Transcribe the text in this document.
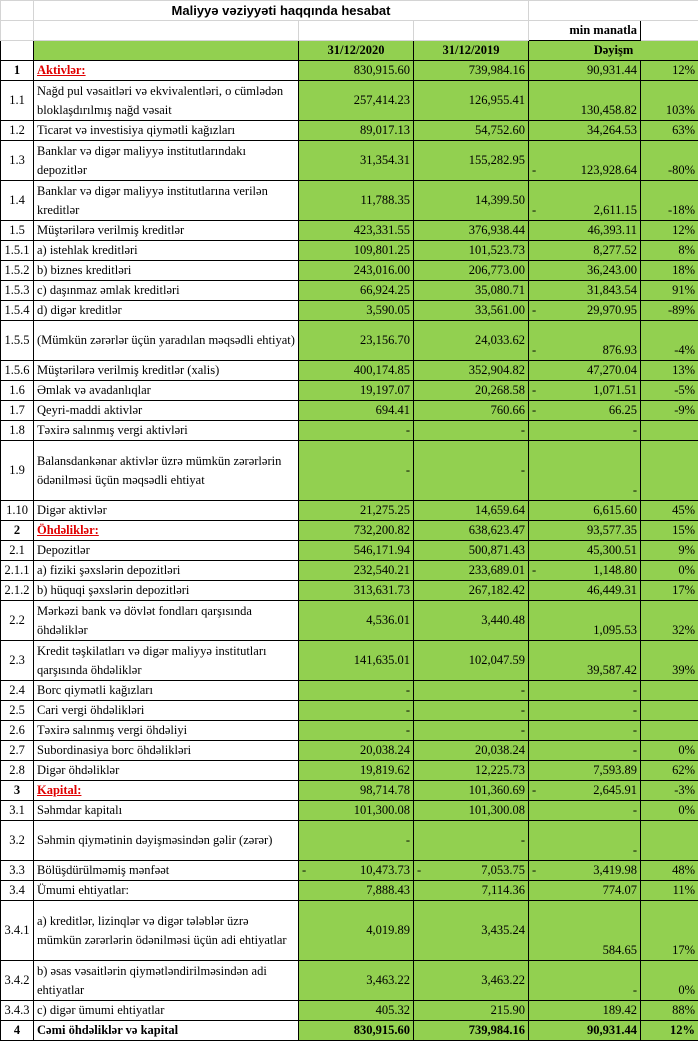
	Maliyyə vəziyyəti haqqında hesabat				
				min manatla	
		31/12/2020	31/12/2019	Dəyişm	
1	Aktivlər:	830,915.60	739,984.16	90,931.44	12%
1.1	Nağd pul vəsaitləri və ekvivalentləri, o cümlədən bloklaşdırılmış nağd vəsait	257,414.23	126,955.41	130,458.82	103%
1.2	Ticarət və investisiya qiymətli kağızları	89,017.13	54,752.60	34,264.53	63%
1.3	Banklar və digər maliyyə institutlarındakı depozitlər	31,354.31	155,282.95	- 123,928.64	-80%
1.4	Banklar və digər maliyyə institutlarına verilən kreditlər	11,788.35	14,399.50	- 2,611.15	-18%
1.5	Müştərilərə verilmiş kreditlər	423,331.55	376,938.44	46,393.11	12%
1.5.1	a) istehlak kreditləri	109,801.25	101,523.73	8,277.52	8%
1.5.2	b) biznes kreditləri	243,016.00	206,773.00	36,243.00	18%
1.5.3	c) daşınmaz əmlak kreditləri	66,924.25	35,080.71	31,843.54	91%
1.5.4	d) digər kreditlər	3,590.05	33,561.00	- 29,970.95	-89%
1.5.5	(Mümkün zərərlər üçün yaradılan məqsədli ehtiyat)	23,156.70	24,033.62	- 876.93	-4%
1.5.6	Müştərilərə verilmiş kreditlər (xalis)	400,174.85	352,904.82	47,270.04	13%
1.6	Əmlak və avadanlıqlar	19,197.07	20,268.58	- 1,071.51	-5%
1.7	Qeyri-maddi aktivlər	694.41	760.66	- 66.25	-9%
1.8	Təxirə salınmış vergi aktivləri	-	-	-	
1.9	Balansdankənar aktivlər üzrə mümkün zərərlərin ödənilməsi üçün məqsədli ehtiyat	-	-	-	
1.10	Digər aktivlər	21,275.25	14,659.64	6,615.60	45%
2	Öhdəliklər:	732,200.82	638,623.47	93,577.35	15%
2.1	Depozitlər	546,171.94	500,871.43	45,300.51	9%
2.1.1	a) fiziki şəxslərin depozitləri	232,540.21	233,689.01	- 1,148.80	0%
2.1.2	b) hüquqi şəxslərin depozitləri	313,631.73	267,182.42	46,449.31	17%
2.2	Mərkəzi bank və dövlət fondları qarşısında öhdəliklər	4,536.01	3,440.48	1,095.53	32%
2.3	Kredit təşkilatları və digər maliyyə institutları qarşısında öhdəliklər	141,635.01	102,047.59	39,587.42	39%
2.4	Borc qiymətli kağızları	-	-	-	
2.5	Cari vergi öhdəlikləri	-	-	-	
2.6	Təxirə salınmış vergi öhdəliyi	-	-	-	
2.7	Subordinasiya borc öhdəlikləri	20,038.24	20,038.24	-	0%
2.8	Digər öhdəliklər	19,819.62	12,225.73	7,593.89	62%
3	Kapital:	98,714.78	101,360.69	- 2,645.91	-3%
3.1	Səhmdar kapitalı	101,300.08	101,300.08	-	0%
3.2	Səhmin qiymətinin dəyişməsindən gəlir (zərər)	-	-	-	
3.3	Bölüşdürülməmiş mənfəət	- 10,473.73	- 7,053.75	- 3,419.98	48%
3.4	Ümumi ehtiyatlar:	7,888.43	7,114.36	774.07	11%
3.4.1	a) kreditlər, lizinqlər və digər tələblər üzrə mümkün zərərlərin ödənilməsi üçün adi ehtiyatlar	4,019.89	3,435.24	584.65	17%
3.4.2	b) əsas vəsaitlərin qiymətləndirilməsindən adi ehtiyatlar	3,463.22	3,463.22	-	0%
3.4.3	c) digər ümumi ehtiyatlar	405.32	215.90	189.42	88%
4	Cəmi öhdəliklər və kapital	830,915.60	739,984.16	90,931.44	12%
